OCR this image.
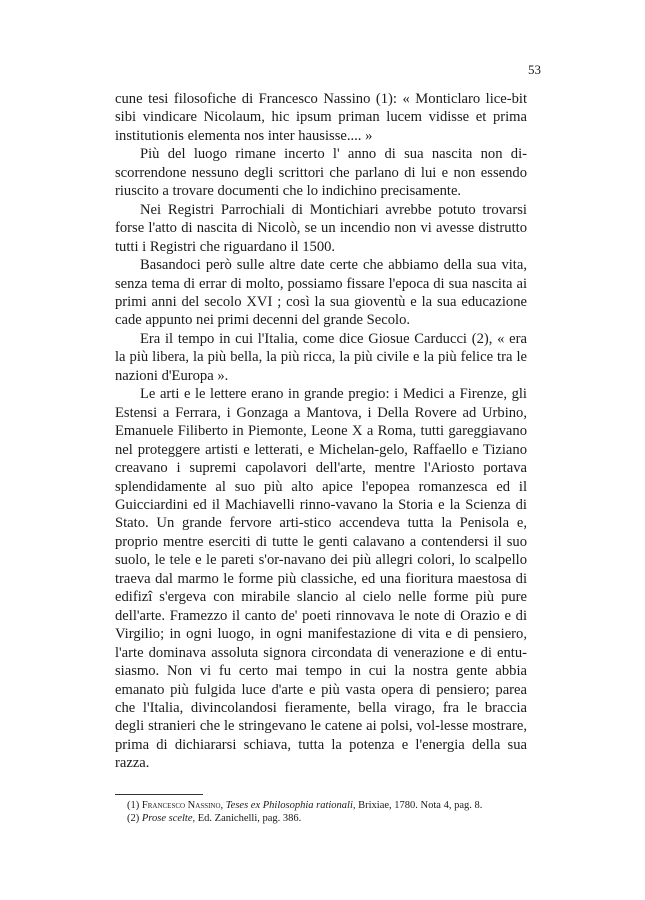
53

cune tesi filosofiche di Francesco Nassino (1): « Monticlaro lice-bit sibi vindicare Nicolaum, hic ipsum priman lucem vidisse et prima institutionis elementa nos inter hausisse.... »

Più del luogo rimane incerto l' anno di sua nascita non di-scorrendone nessuno degli scrittori che parlano di lui e non essendo riuscito a trovare documenti che lo indichino precisamente.

Nei Registri Parrochiali di Montichiari avrebbe potuto trovarsi forse l'atto di nascita di Nicolò, se un incendio non vi avesse distrutto tutti i Registri che riguardano il 1500.

Basandoci però sulle altre date certe che abbiamo della sua vita, senza tema di errar di molto, possiamo fissare l'epoca di sua nascita ai primi anni del secolo XVI ; così la sua gioventù e la sua educazione cade appunto nei primi decenni del grande Secolo.

Era il tempo in cui l'Italia, come dice Giosue Carducci (2), « era la più libera, la più bella, la più ricca, la più civile e la più felice tra le nazioni d'Europa ».

Le arti e le lettere erano in grande pregio: i Medici a Firenze, gli Estensi a Ferrara, i Gonzaga a Mantova, i Della Rovere ad Urbino, Emanuele Filiberto in Piemonte, Leone X a Roma, tutti gareggiavano nel proteggere artisti e letterati, e Michelan-gelo, Raffaello e Tiziano creavano i supremi capolavori dell'arte, mentre l'Ariosto portava splendidamente al suo più alto apice l'epopea romanzesca ed il Guicciardini ed il Machiavelli rinno-vavano la Storia e la Scienza di Stato. Un grande fervore arti-stico accendeva tutta la Penisola e, proprio mentre eserciti di tutte le genti calavano a contendersi il suo suolo, le tele e le pareti s'or-navano dei più allegri colori, lo scalpello traeva dal marmo le forme più classiche, ed una fioritura maestosa di edifizî s'ergeva con mirabile slancio al cielo nelle forme più pure dell'arte. Framezzo il canto de' poeti rinnovava le note di Orazio e di Virgilio; in ogni luogo, in ogni manifestazione di vita e di pensiero, l'arte dominava assoluta signora circondata di venerazione e di entu-siasmo. Non vi fu certo mai tempo in cui la nostra gente abbia emanato più fulgida luce d'arte e più vasta opera di pensiero; parea che l'Italia, divincolandosi fieramente, bella virago, fra le braccia degli stranieri che le stringevano le catene ai polsi, vol-lesse mostrare, prima di dichiararsi schiava, tutta la potenza e l'energia della sua razza.

(1) Francesco Nassino, Teses ex Philosophia rationali, Brixiae, 1780. Nota 4, pag. 8.
(2) Prose scelte, Ed. Zanichelli, pag. 386.
